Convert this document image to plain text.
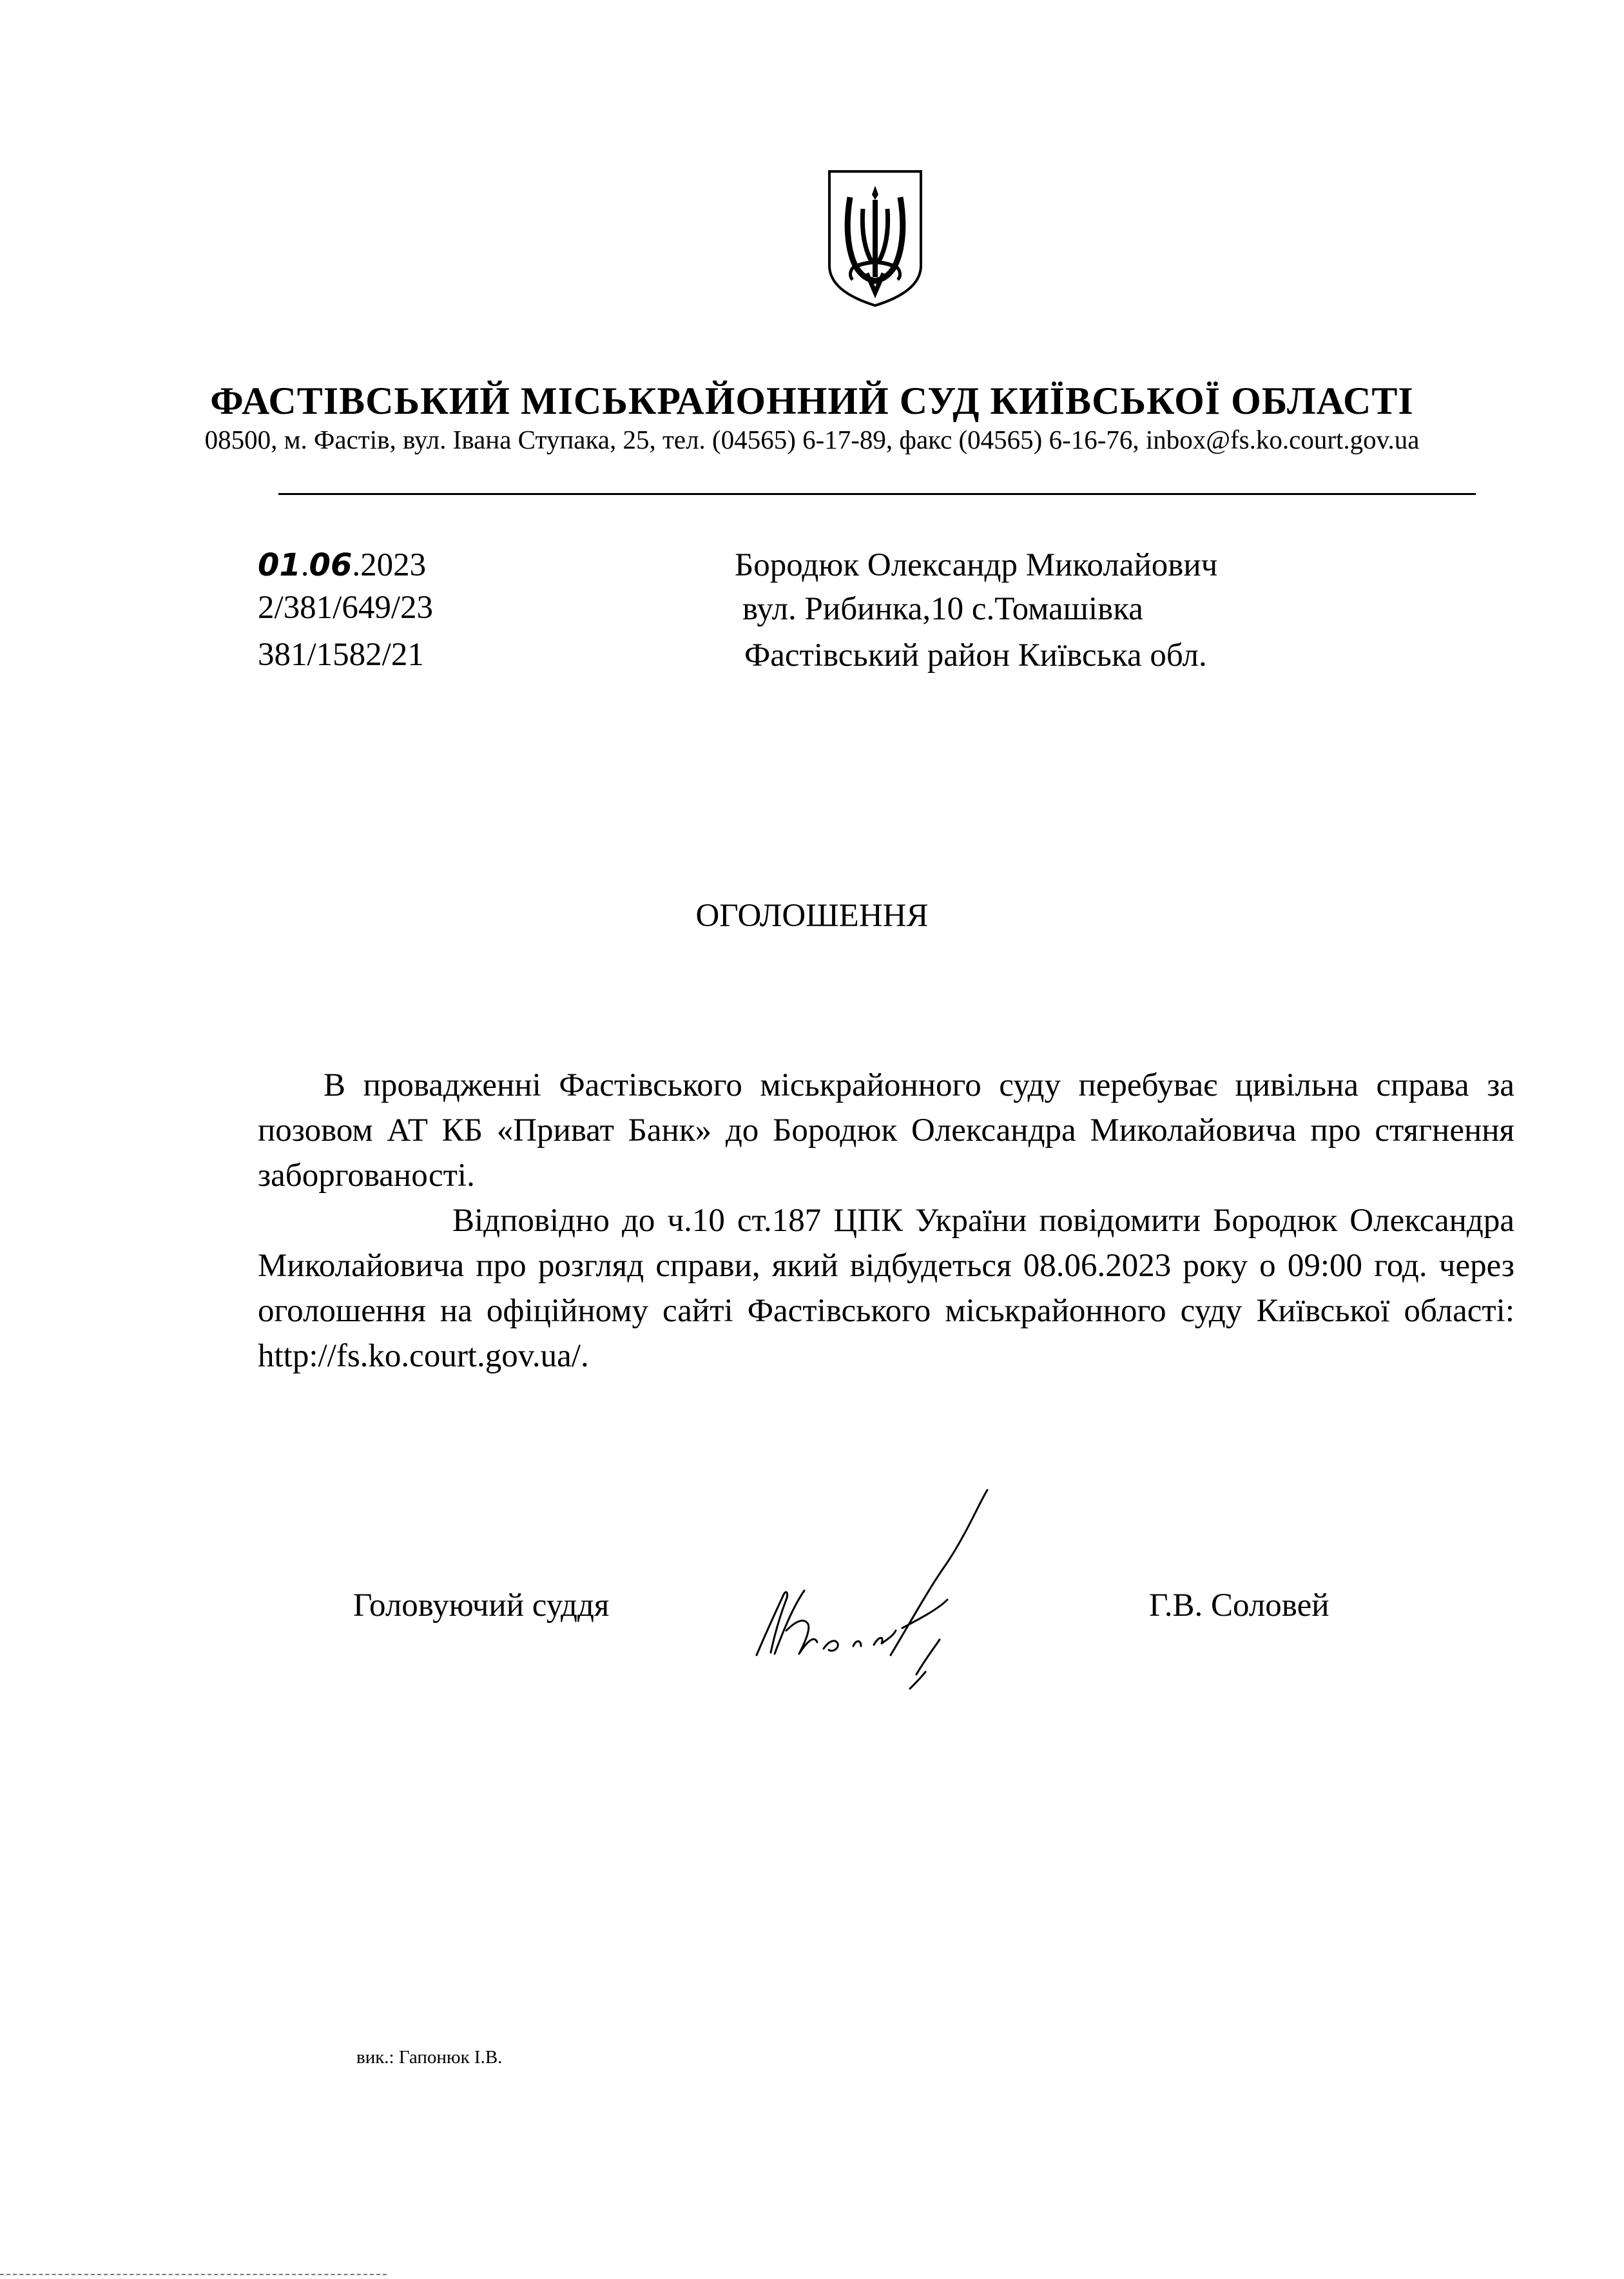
ФАСТІВСЬКИЙ МІСЬКРАЙОННИЙ СУД КИЇВСЬКОЇ ОБЛАСТІ
08500, м. Фастів, вул. Івана Ступака, 25, тел. (04565) 6-17-89, факс (04565) 6-16-76, inbox@fs.ko.court.gov.ua
01.06.2023
2/381/649/23
381/1582/21
Бородюк Олександр Миколайович
вул. Рибинка,10 с.Томашівка
Фастівський район Київська обл.
ОГОЛОШЕННЯ

В провадженні Фастівського міськрайонного суду перебуває цивільна справа за позовом АТ КБ «Приват Банк» до Бородюк Олександра Миколайовича про стягнення заборгованості.

Відповідно до ч.10 ст.187 ЦПК України повідомити Бородюк Олександра Миколайовича про розгляд справи, який відбудеться 08.06.2023 року о 09:00 год. через оголошення на офіційному сайті Фастівського міськрайонного суду Київської області: http://fs.ko.court.gov.ua/.

Головуючий суддя	Г.В. Соловей
вик.: Гапонюк І.В.
